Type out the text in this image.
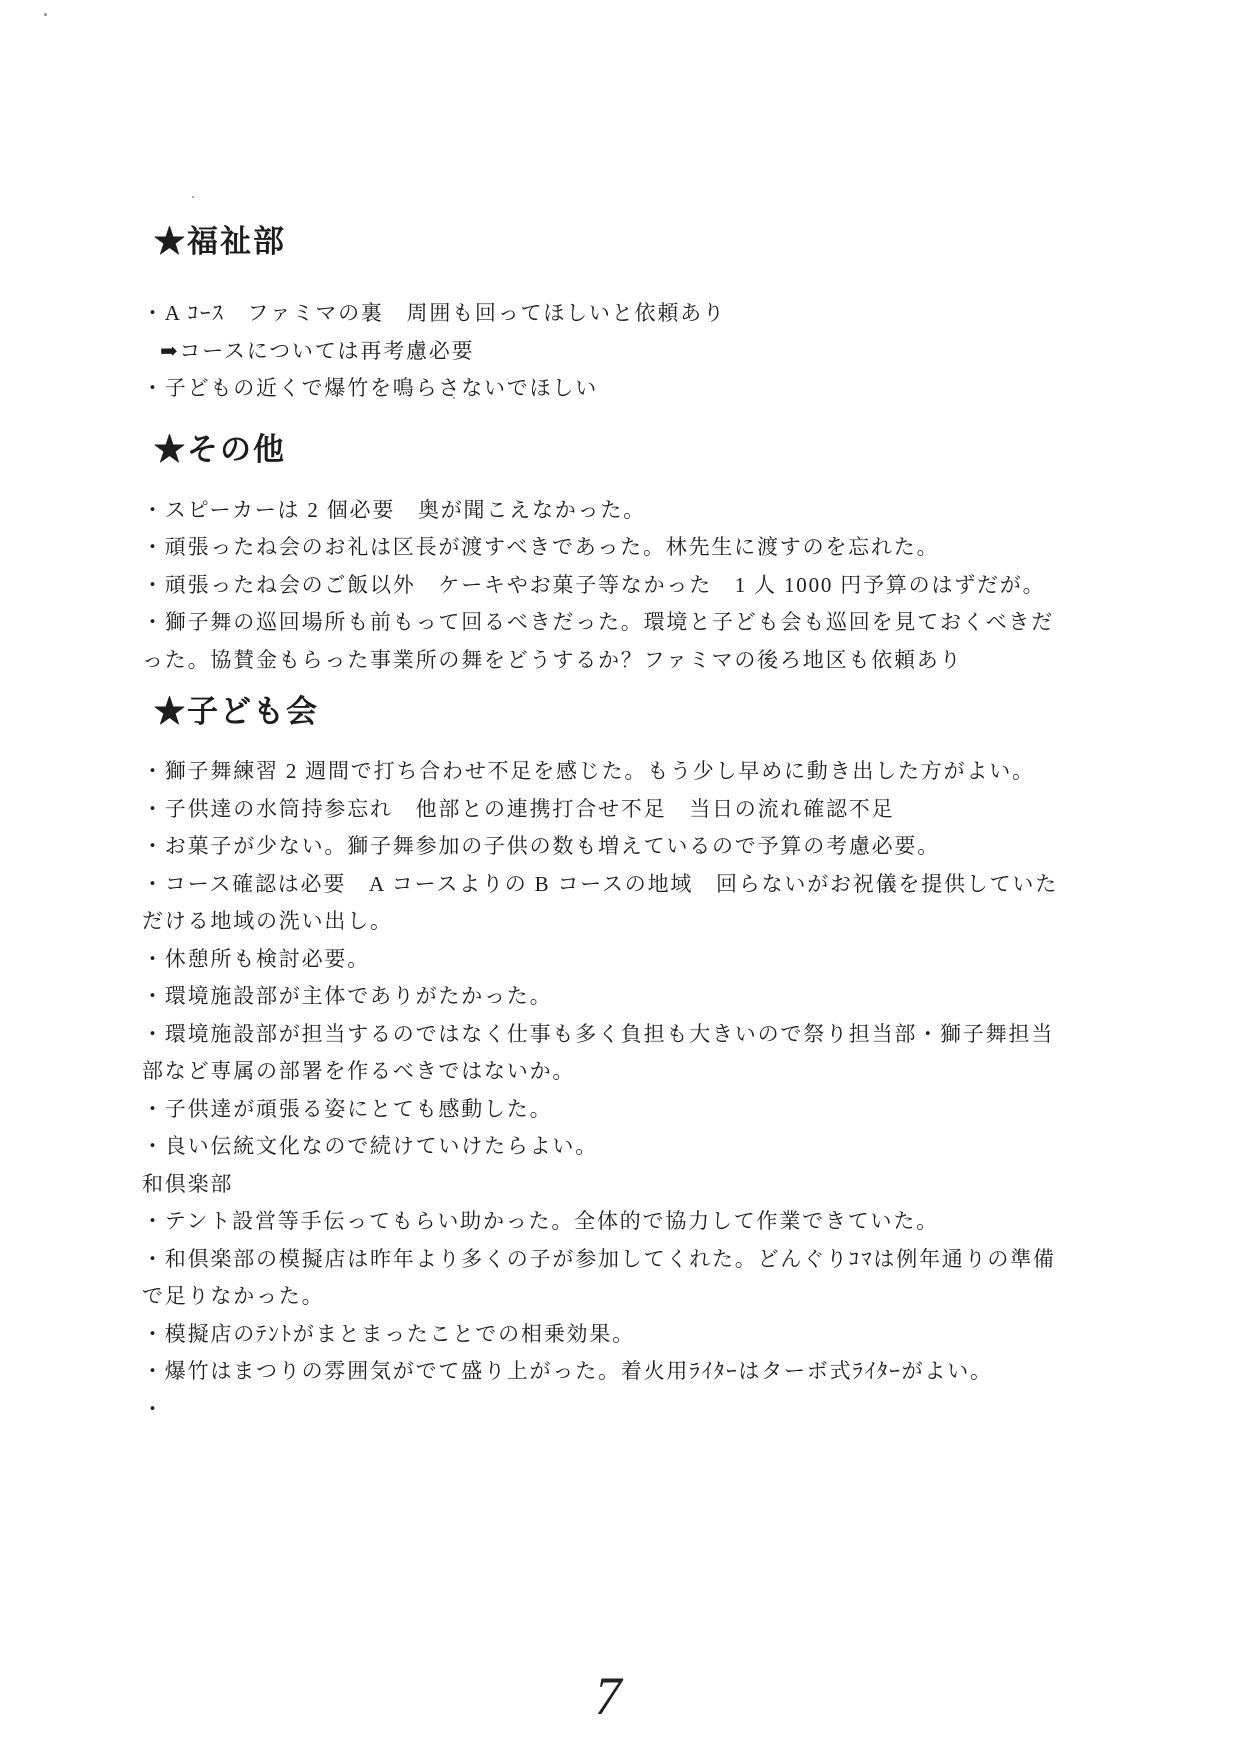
★福祉部
・A ｺｰｽ　ファミマの裏　周囲も回ってほしいと依頼あり
➡コースについては再考慮必要
・子どもの近くで爆竹を鳴らさないでほしい
★その他
・スピーカーは 2 個必要　奥が聞こえなかった。
・頑張ったね会のお礼は区長が渡すべきであった。林先生に渡すのを忘れた。
・頑張ったね会のご飯以外　ケーキやお菓子等なかった　1 人 1000 円予算のはずだが。
・獅子舞の巡回場所も前もって回るべきだった。環境と子ども会も巡回を見ておくべきだ
った。協賛金もらった事業所の舞をどうするか？ファミマの後ろ地区も依頼あり
★子ども会
・獅子舞練習 2 週間で打ち合わせ不足を感じた。もう少し早めに動き出した方がよい。
・子供達の水筒持参忘れ　他部との連携打合せ不足　当日の流れ確認不足
・お菓子が少ない。獅子舞参加の子供の数も増えているので予算の考慮必要。
・コース確認は必要　A コースよりの B コースの地域　回らないがお祝儀を提供していた
だける地域の洗い出し。
・休憩所も検討必要。
・環境施設部が主体でありがたかった。
・環境施設部が担当するのではなく仕事も多く負担も大きいので祭り担当部・獅子舞担当
部など専属の部署を作るべきではないか。
・子供達が頑張る姿にとても感動した。
・良い伝統文化なので続けていけたらよい。
和倶楽部
・テント設営等手伝ってもらい助かった。全体的で協力して作業できていた。
・和倶楽部の模擬店は昨年より多くの子が参加してくれた。どんぐりｺﾏは例年通りの準備
で足りなかった。
・模擬店のﾃﾝﾄがまとまったことでの相乗効果。
・爆竹はまつりの雰囲気がでて盛り上がった。着火用ﾗｲﾀｰはターボ式ﾗｲﾀｰがよい。
・
7
